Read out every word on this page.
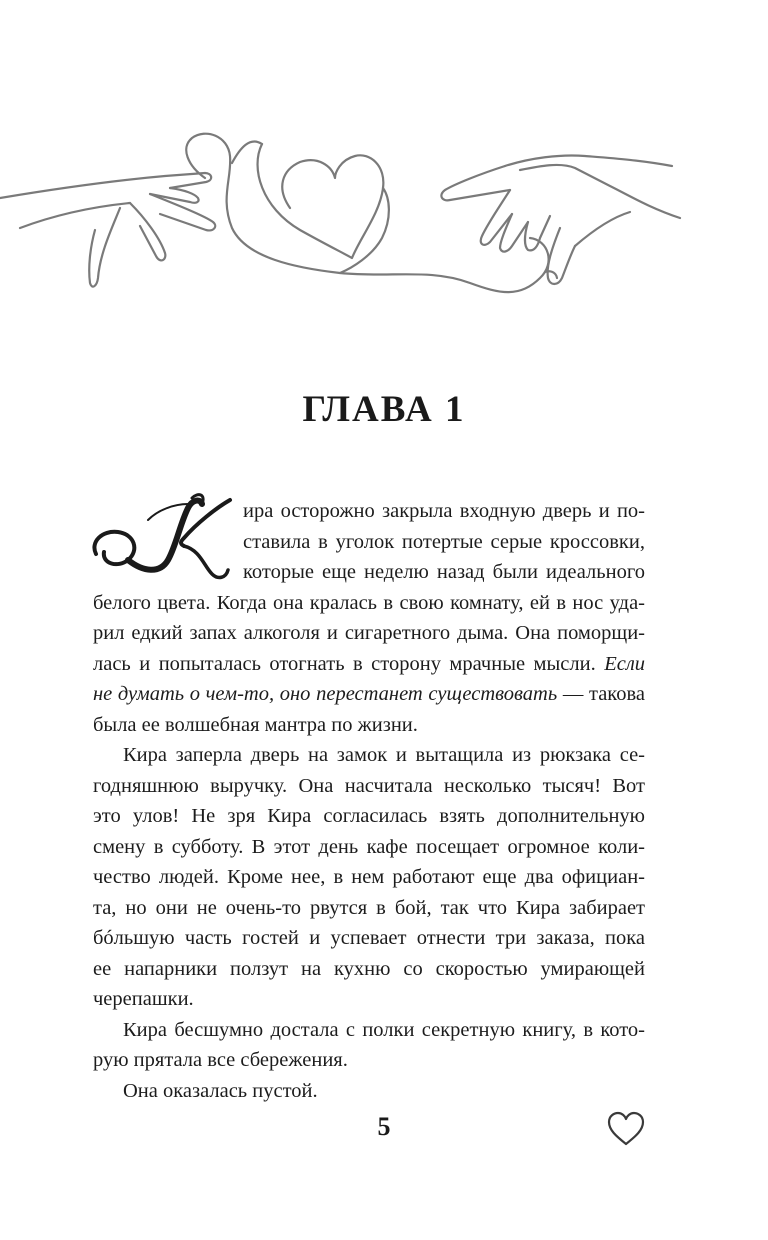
ГЛАВА 1
ира осторожно закрыла входную дверь и по-
ставила в уголок потертые серые кроссовки,
которые еще неделю назад были идеального
белого цвета. Когда она кралась в свою комнату, ей в нос уда-
рил едкий запах алкоголя и сигаретного дыма. Она поморщи-
лась и попыталась отогнать в сторону мрачные мысли. Если
не думать о чем-то, оно перестанет существовать — такова
была ее волшебная мантра по жизни.
Кира заперла дверь на замок и вытащила из рюкзака се-
годняшнюю выручку. Она насчитала несколько тысяч! Вот
это улов! Не зря Кира согласилась взять дополнительную
смену в субботу. В этот день кафе посещает огромное коли-
чество людей. Кроме нее, в нем работают еще два официан-
та, но они не очень-то рвутся в бой, так что Кира забирает
бóльшую часть гостей и успевает отнести три заказа, пока
ее напарники ползут на кухню со скоростью умирающей
черепашки.
Кира бесшумно достала с полки секретную книгу, в кото-
рую прятала все сбережения.
Она оказалась пустой.
5
